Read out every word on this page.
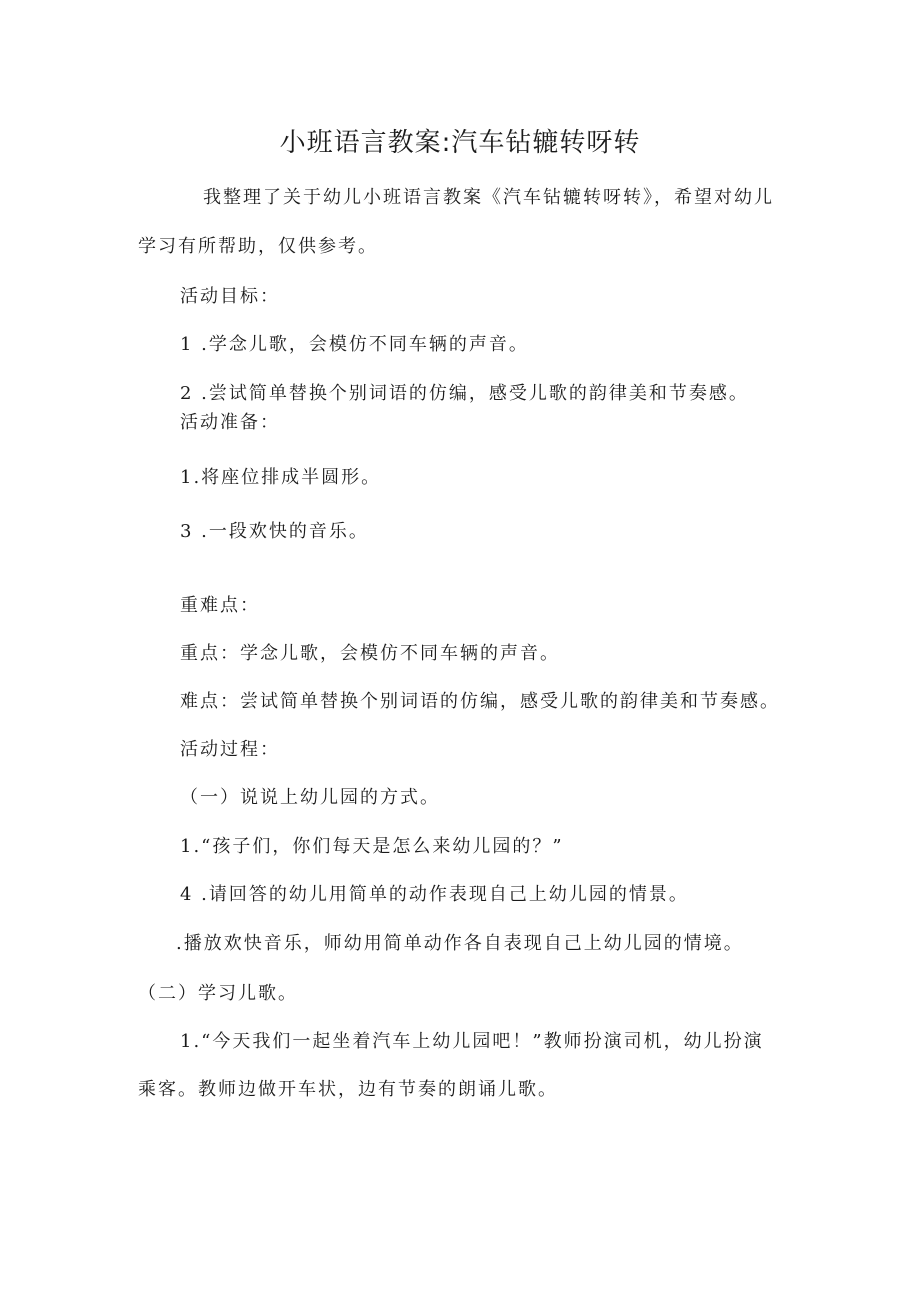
小班语言教案:汽车钻辘转呀转
我整理了关于幼儿小班语言教案《汽车钻辘转呀转》，希望对幼儿
学习有所帮助，仅供参考。
活动目标：
1 .学念儿歌，会模仿不同车辆的声音。
2 .尝试简单替换个别词语的仿编，感受儿歌的韵律美和节奏感。
活动准备：
1.将座位排成半圆形。
3 .一段欢快的音乐。
重难点：
重点：学念儿歌，会模仿不同车辆的声音。
难点：尝试简单替换个别词语的仿编，感受儿歌的韵律美和节奏感。
活动过程：
（一）说说上幼儿园的方式。
1.“孩子们，你们每天是怎么来幼儿园的？”
4 .请回答的幼儿用简单的动作表现自己上幼儿园的情景。
.播放欢快音乐，师幼用简单动作各自表现自己上幼儿园的情境。
（二）学习儿歌。
1.“今天我们一起坐着汽车上幼儿园吧！”教师扮演司机，幼儿扮演
乘客。教师边做开车状，边有节奏的朗诵儿歌。
